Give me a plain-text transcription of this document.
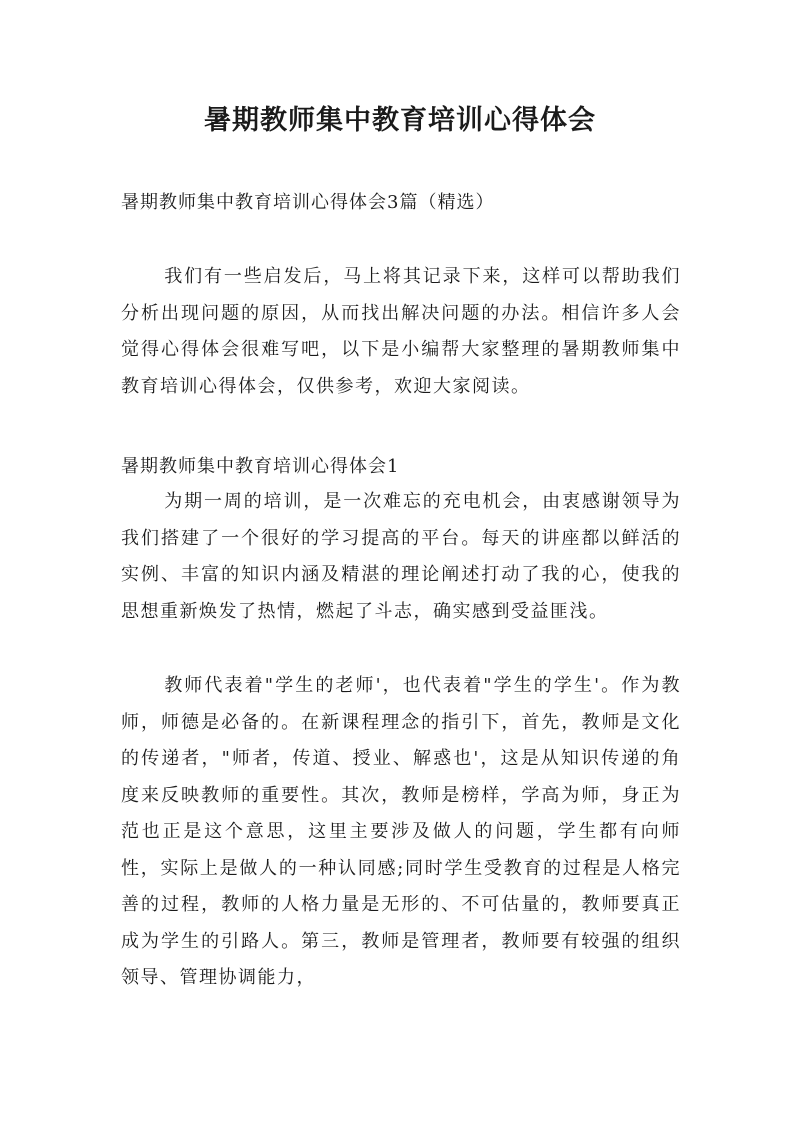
暑期教师集中教育培训心得体会

暑期教师集中教育培训心得体会3篇（精选）

我们有一些启发后，马上将其记录下来，这样可以帮助我们分析出现问题的原因，从而找出解决问题的办法。相信许多人会觉得心得体会很难写吧，以下是小编帮大家整理的暑期教师集中教育培训心得体会，仅供参考，欢迎大家阅读。

暑期教师集中教育培训心得体会1

为期一周的培训，是一次难忘的充电机会，由衷感谢领导为我们搭建了一个很好的学习提高的平台。每天的讲座都以鲜活的实例、丰富的知识内涵及精湛的理论阐述打动了我的心，使我的思想重新焕发了热情，燃起了斗志，确实感到受益匪浅。

教师代表着"学生的老师'，也代表着"学生的学生'。作为教师，师德是必备的。在新课程理念的指引下，首先，教师是文化的传递者，"师者，传道、授业、解惑也'，这是从知识传递的角度来反映教师的重要性。其次，教师是榜样，学高为师，身正为范也正是这个意思，这里主要涉及做人的问题，学生都有向师性，实际上是做人的一种认同感;同时学生受教育的过程是人格完善的过程，教师的人格力量是无形的、不可估量的，教师要真正成为学生的引路人。第三，教师是管理者，教师要有较强的组织领导、管理协调能力，
